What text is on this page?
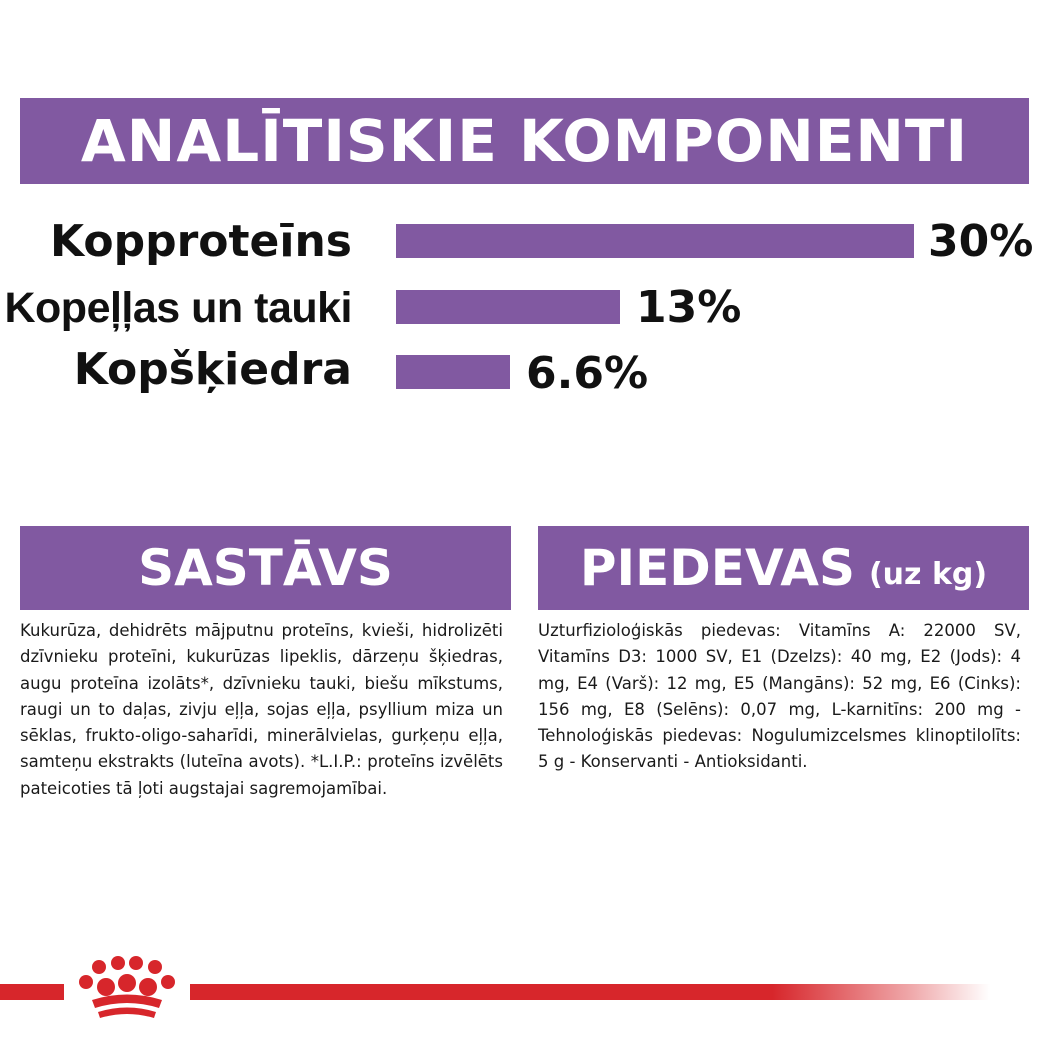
ANALĪTISKIE KOMPONENTI
Kopproteīns	30%
Kopeļļas un tauki	13%
Kopšķiedra	6.6%
SASTĀVS
Kukurūza, dehidrēts mājputnu proteīns, kvieši, hidrolizēti dzīvnieku proteīni, kukurūzas lipeklis, dārzeņu šķiedras, augu proteīna izolāts*, dzīvnieku tauki, biešu mīkstums, raugi un to daļas, zivju eļļa, sojas eļļa, psyllium miza un sēklas, frukto-oligo-saharīdi, minerālvielas, gurķeņu eļļa, samteņu ekstrakts (luteīna avots). *L.I.P.: proteīns izvēlēts pateicoties tā ļoti augstajai sagremojamībai.
PIEDEVAS (uz kg)
Uzturfizioloģiskās piedevas: Vitamīns A: 22000 SV, Vitamīns D3: 1000 SV, E1 (Dzelzs): 40 mg, E2 (Jods): 4 mg, E4 (Varš): 12 mg, E5 (Mangāns): 52 mg, E6 (Cinks): 156 mg, E8 (Selēns): 0,07 mg, L-karnitīns: 200 mg - Tehnoloģiskās piedevas: Nogulumizcelsmes klinoptilolīts: 5 g - Konservanti - Antioksidanti.
